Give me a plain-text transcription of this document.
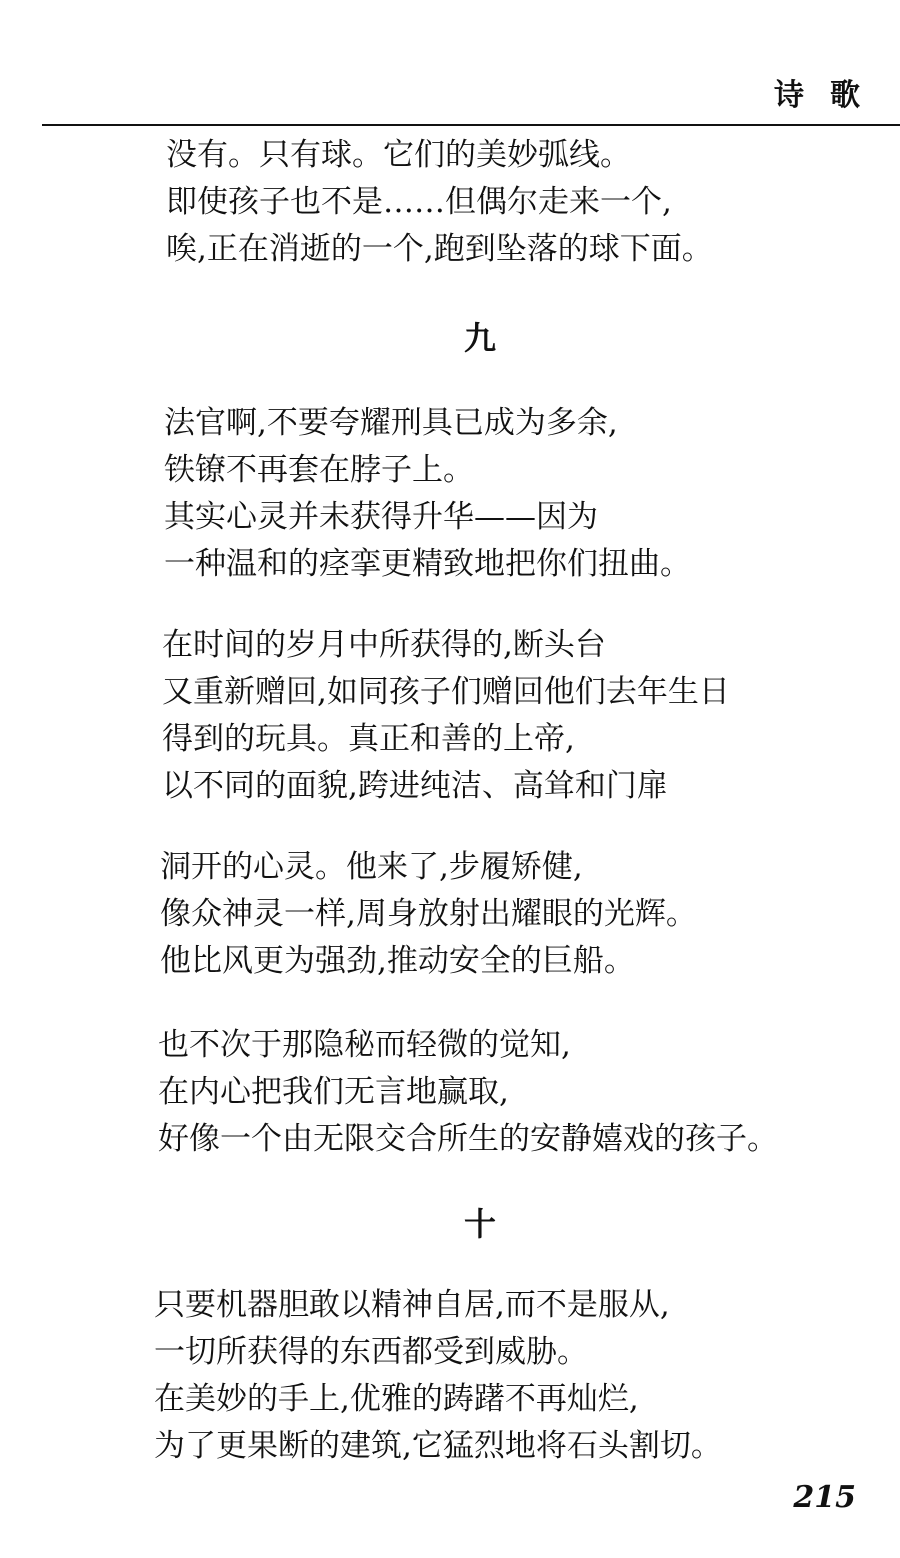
诗歌
没有。只有球。它们的美妙弧线。
即使孩子也不是……但偶尔走来一个,
唉,正在消逝的一个,跑到坠落的球下面。
九
法官啊,不要夸耀刑具已成为多余,
铁镣不再套在脖子上。
其实心灵并未获得升华——因为
一种温和的痉挛更精致地把你们扭曲。
在时间的岁月中所获得的,断头台
又重新赠回,如同孩子们赠回他们去年生日
得到的玩具。真正和善的上帝,
以不同的面貌,跨进纯洁、高耸和门扉
洞开的心灵。他来了,步履矫健,
像众神灵一样,周身放射出耀眼的光辉。
他比风更为强劲,推动安全的巨船。
也不次于那隐秘而轻微的觉知,
在内心把我们无言地赢取,
好像一个由无限交合所生的安静嬉戏的孩子。
十
只要机器胆敢以精神自居,而不是服从,
一切所获得的东西都受到威胁。
在美妙的手上,优雅的踌躇不再灿烂,
为了更果断的建筑,它猛烈地将石头割切。
215
